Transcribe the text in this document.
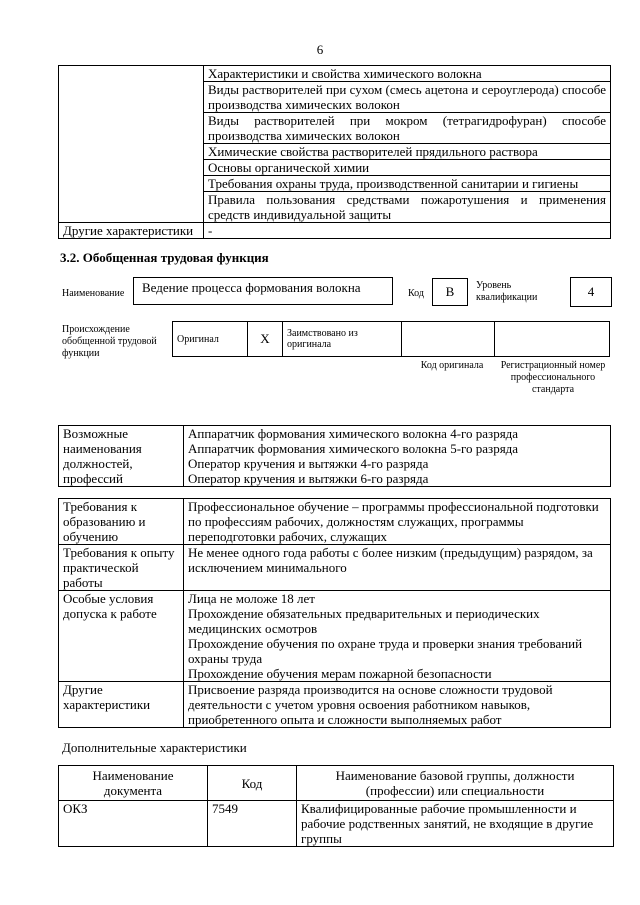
6
	Характеристики и свойства химического волокна
	Виды растворителей при сухом (смесь ацетона и сероуглерода) способе производства химических волокон
	Виды растворителей при мокром (тетрагидрофуран) способе производства химических волокон
	Химические свойства растворителей прядильного раствора
	Основы органической химии
	Требования охраны труда, производственной санитарии и гигиены
	Правила пользования средствами пожаротушения и применения средств индивидуальной защиты
Другие характеристики	-
3.2. Обобщенная трудовая функция
Наименование	Ведение процесса формования волокна	Код	В	Уровень квалификации	4
Происхождение обобщенной трудовой функции
Оригинал	X	Заимствовано из оригинала		
Код оригинала	Регистрационный номер профессионального стандарта
Возможные наименования должностей, профессий	
Аппаратчик формования химического волокна 4-го разряда
Аппаратчик формования химического волокна 5-го разряда
Оператор кручения и вытяжки 4-го разряда
Оператор кручения и вытяжки 6-го разряда
Требования к образованию и обучению	Профессиональное обучение – программы профессиональной подготовки по профессиям рабочих, должностям служащих, программы переподготовки рабочих, служащих
Требования к опыту практической работы	Не менее одного года работы с более низким (предыдущим) разрядом, за исключением минимального
Особые условия допуска к работе	Лица не моложе 18 лет
Прохождение обязательных предварительных и периодических медицинских осмотров
Прохождение обучения по охране труда и проверки знания требований охраны труда
Прохождение обучения мерам пожарной безопасности

Другие характеристики	Присвоение разряда производится на основе сложности трудовой деятельности с учетом уровня освоения работником навыков, приобретенного опыта и сложности выполняемых работ
Дополнительные характеристики
Наименование документа	Код	Наименование базовой группы, должности (профессии) или специальности
ОКЗ	7549	Квалифицированные рабочие промышленности и рабочие родственных занятий, не входящие в другие группы
